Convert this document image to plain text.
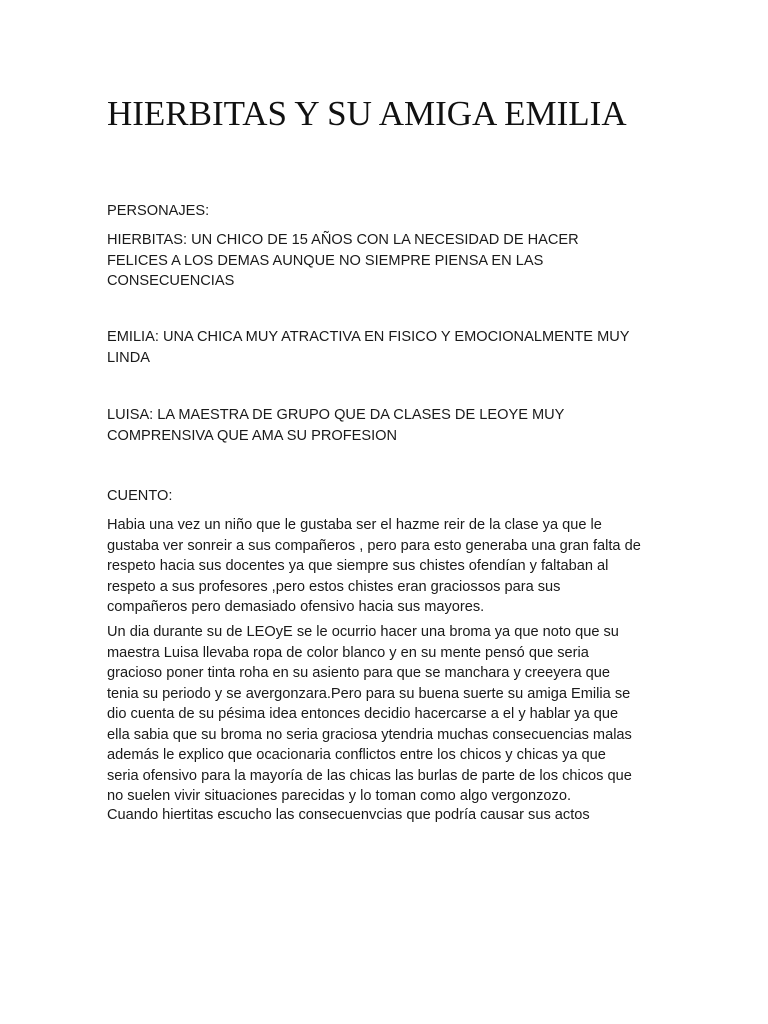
HIERBITAS Y SU AMIGA EMILIA

PERSONAJES:

HIERBITAS: UN CHICO DE 15 AÑOS CON LA NECESIDAD DE HACER
FELICES A LOS DEMAS AUNQUE NO SIEMPRE PIENSA EN LAS
CONSECUENCIAS

EMILIA: UNA CHICA MUY ATRACTIVA EN FISICO Y EMOCIONALMENTE MUY
LINDA

LUISA: LA MAESTRA DE GRUPO QUE DA CLASES DE LEOYE MUY
COMPRENSIVA QUE AMA SU PROFESION

CUENTO:

Habia una vez un niño que le gustaba ser el hazme reir de la clase ya que le
gustaba ver sonreir a sus compañeros , pero para esto generaba una gran falta de
respeto hacia sus docentes ya que siempre sus chistes ofendían y faltaban al
respeto a sus profesores ,pero estos chistes eran graciossos para sus
compañeros pero demasiado ofensivo hacia sus mayores.

Un dia durante su de LEOyE se le ocurrio hacer una broma ya que noto que su
maestra Luisa llevaba ropa de color blanco y en su mente pensó que seria
gracioso poner tinta roha en su asiento para que se manchara y creeyera que
tenia su periodo y se avergonzara.Pero para su buena suerte su amiga Emilia se
dio cuenta de su pésima idea entonces decidio hacercarse a el y hablar ya que
ella sabia que su broma no seria graciosa ytendria muchas consecuencias malas
además le explico que ocacionaria conflictos entre los chicos y chicas ya que
seria ofensivo para la mayoría de las chicas las burlas de parte de los chicos que
no suelen vivir situaciones parecidas y lo toman como algo vergonzozo.

Cuando hiertitas escucho las consecuenvcias que podría causar sus actos
